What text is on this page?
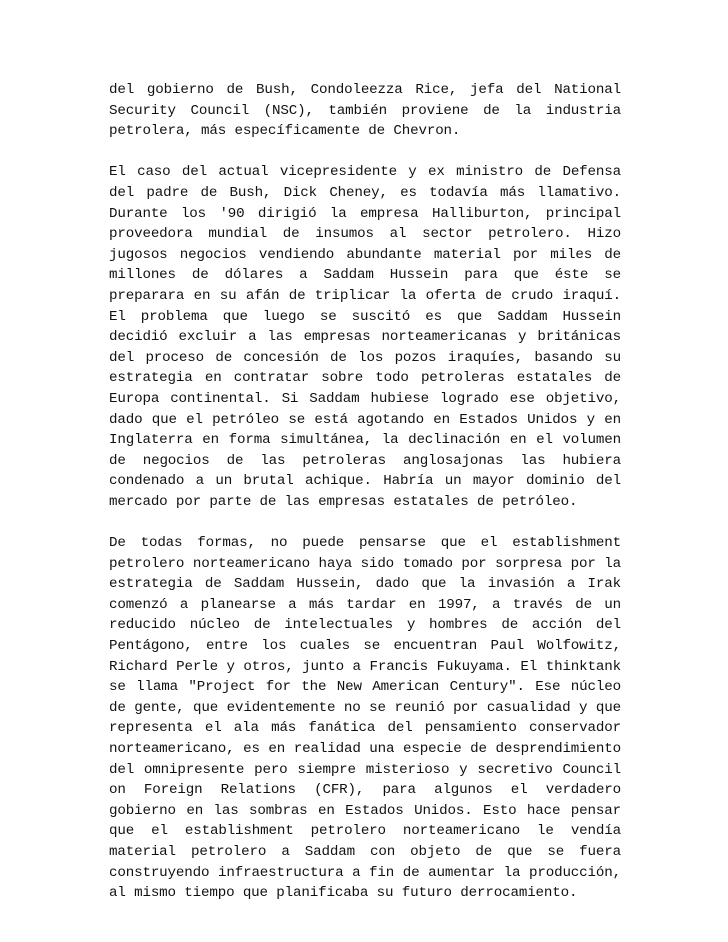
del gobierno de Bush, Condoleezza Rice, jefa del National Security Council (NSC), también proviene de la industria petrolera, más específicamente de Chevron.

El caso del actual vicepresidente y ex ministro de Defensa del padre de Bush, Dick Cheney, es todavía más llamativo. Durante los '90 dirigió la empresa Halliburton, principal proveedora mundial de insumos al sector petrolero. Hizo jugosos negocios vendiendo abundante material por miles de millones de dólares a Saddam Hussein para que éste se preparara en su afán de triplicar la oferta de crudo iraquí. El problema que luego se suscitó es que Saddam Hussein decidió excluir a las empresas norteamericanas y británicas del proceso de concesión de los pozos iraquíes, basando su estrategia en contratar sobre todo petroleras estatales de Europa continental. Si Saddam hubiese logrado ese objetivo, dado que el petróleo se está agotando en Estados Unidos y en Inglaterra en forma simultánea, la declinación en el volumen de negocios de las petroleras anglosajonas las hubiera condenado a un brutal achique. Habría un mayor dominio del mercado por parte de las empresas estatales de petróleo.

De todas formas, no puede pensarse que el establishment petrolero norteamericano haya sido tomado por sorpresa por la estrategia de Saddam Hussein, dado que la invasión a Irak comenzó a planearse a más tardar en 1997, a través de un reducido núcleo de intelectuales y hombres de acción del Pentágono, entre los cuales se encuentran Paul Wolfowitz, Richard Perle y otros, junto a Francis Fukuyama. El thinktank se llama "Project for the New American Century". Ese núcleo de gente, que evidentemente no se reunió por casualidad y que representa el ala más fanática del pensamiento conservador norteamericano, es en realidad una especie de desprendimiento del omnipresente pero siempre misterioso y secretivo Council on Foreign Relations (CFR), para algunos el verdadero gobierno en las sombras en Estados Unidos. Esto hace pensar que el establishment petrolero norteamericano le vendía material petrolero a Saddam con objeto de que se fuera construyendo infraestructura a fin de aumentar la producción, al mismo tiempo que planificaba su futuro derrocamiento.
